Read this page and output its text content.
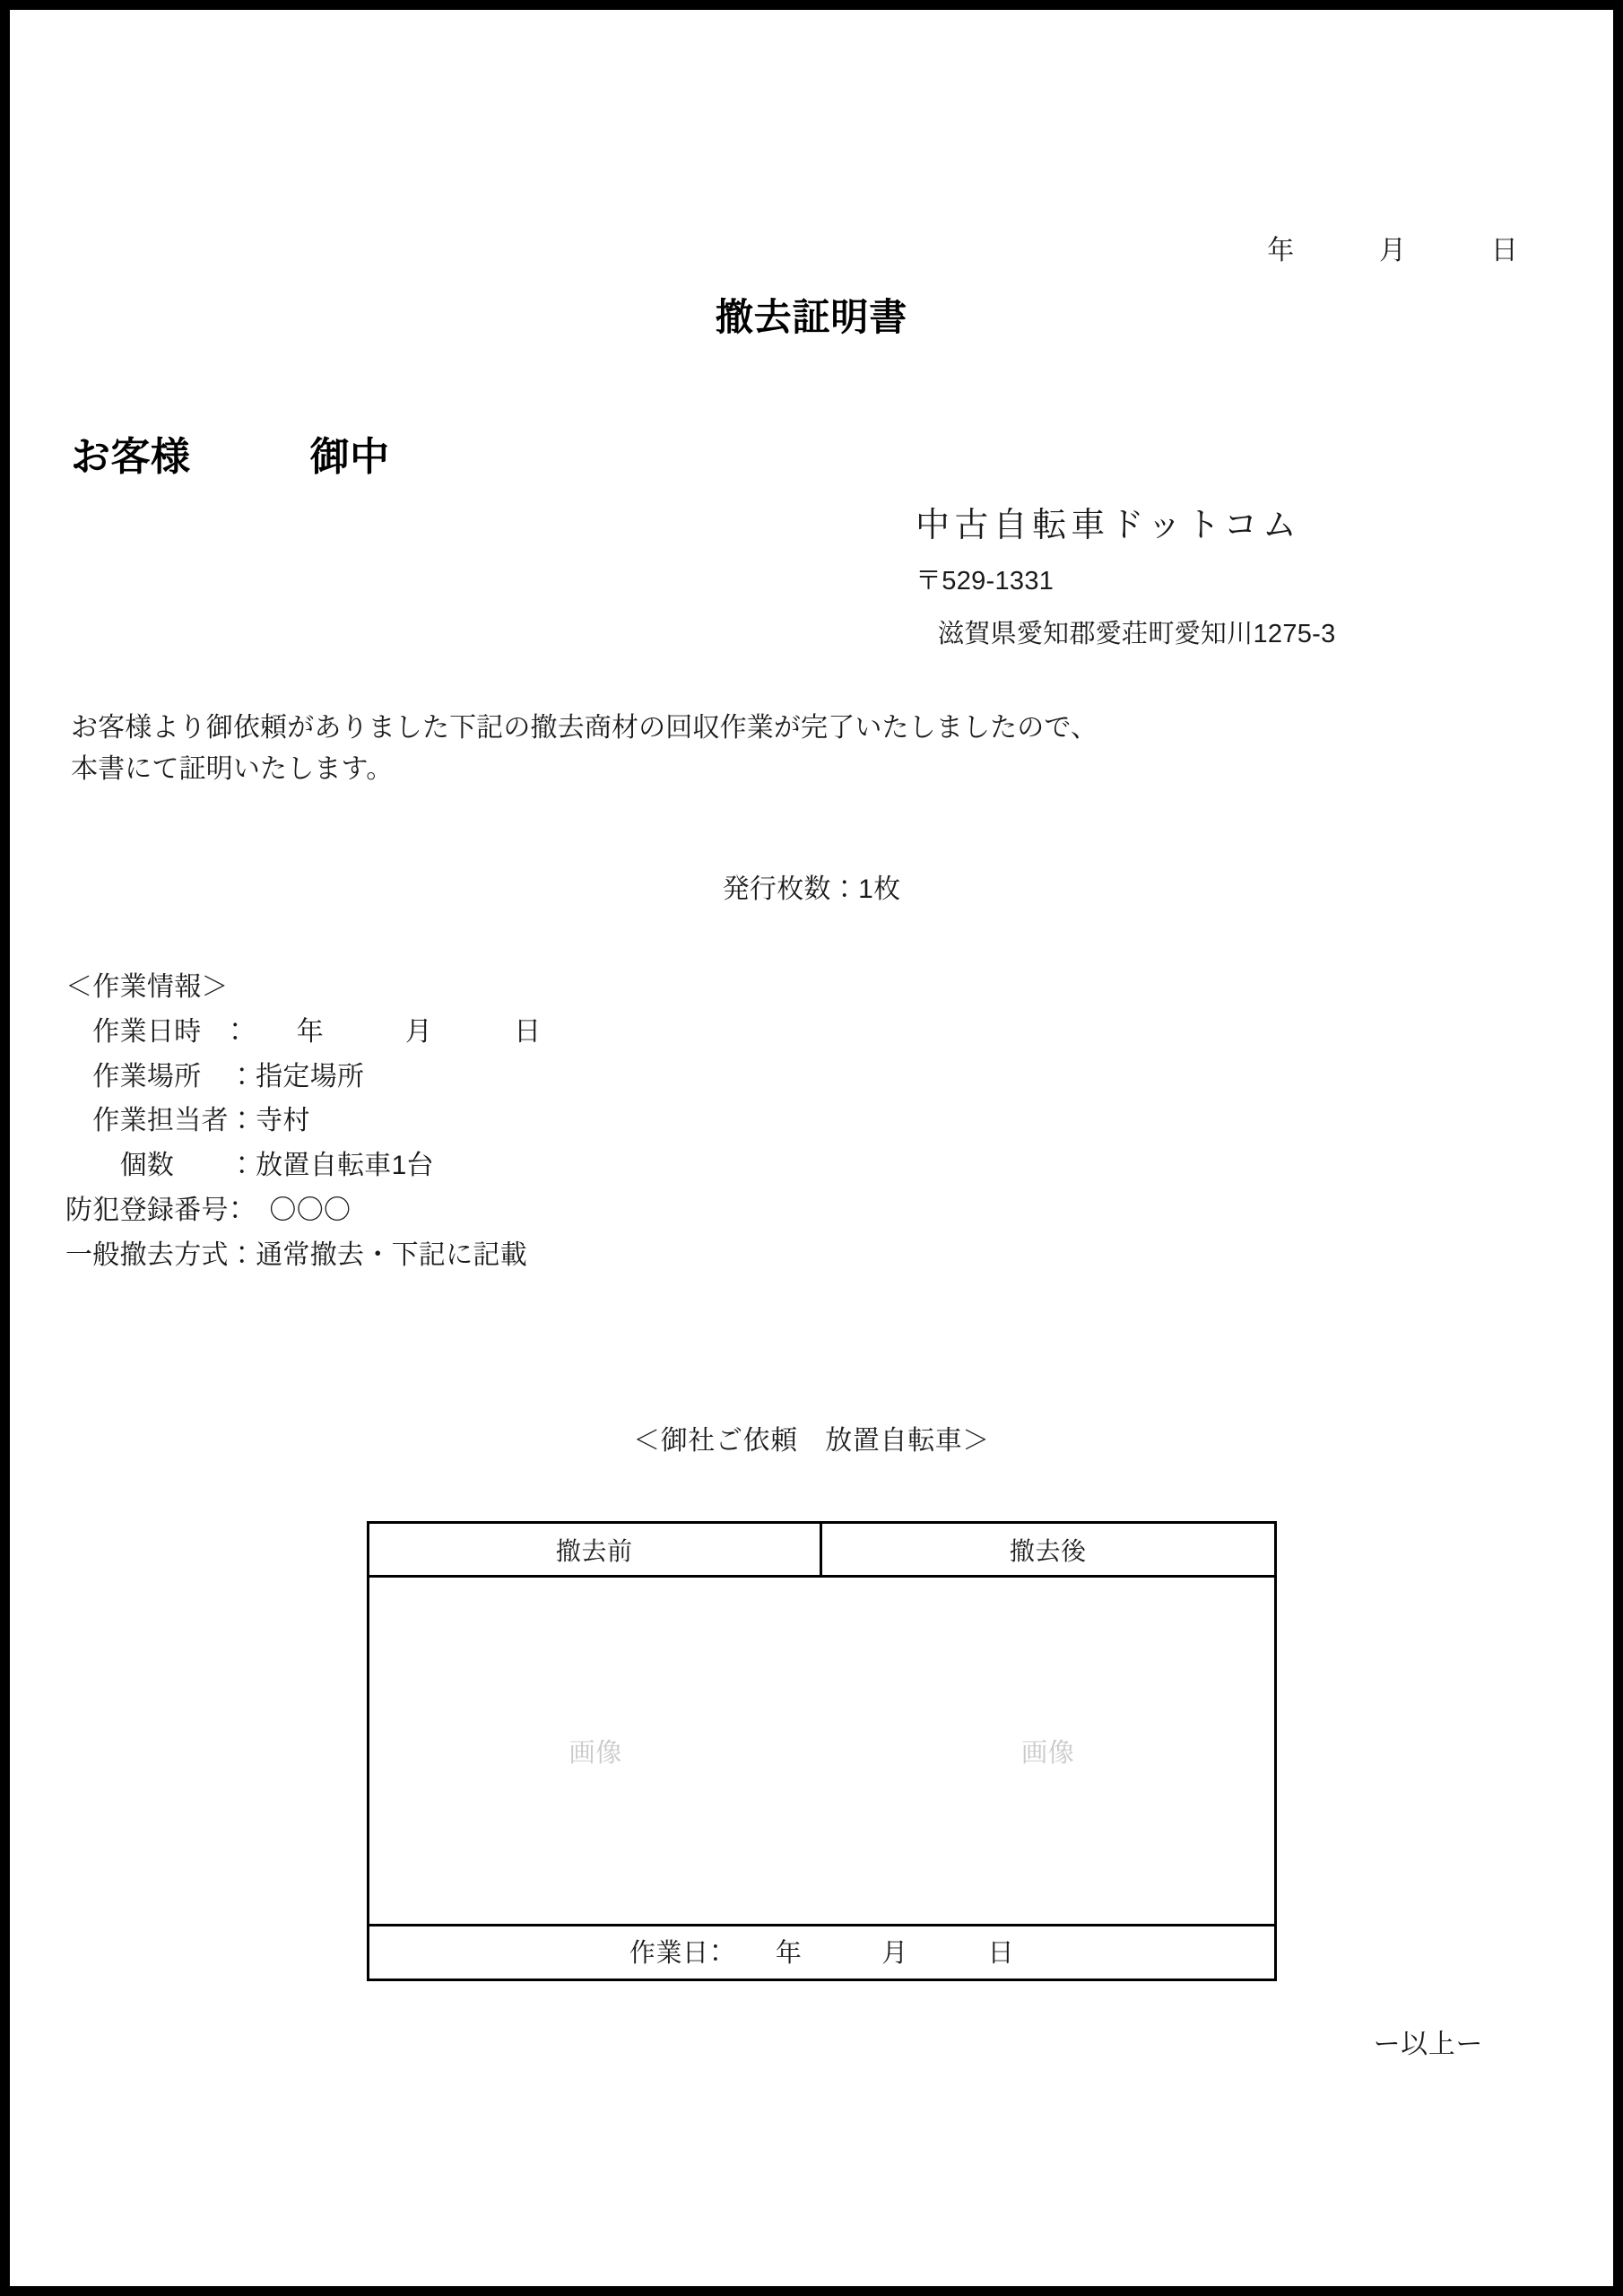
年　　　月　　　日
撤去証明書
お客様　　　御中
中古自転車ドットコム
〒529-1331
滋賀県愛知郡愛荘町愛知川1275-3
お客様より御依頼がありました下記の撤去商材の回収作業が完了いたしましたので、
本書にて証明いたします。
発行枚数：1枚
＜作業情報＞
　作業日時　：　　年　　　月　　　日
　作業場所　：指定場所
　作業担当者：寺村
　　個数　　：放置自転車1台
防犯登録番号：　〇〇〇
一般撤去方式：通常撤去・下記に記載
＜御社ご依頼　放置自転車＞
撤去前	撤去後
画像	画像
作業日：　　年　　　月　　　日
ー以上ー
